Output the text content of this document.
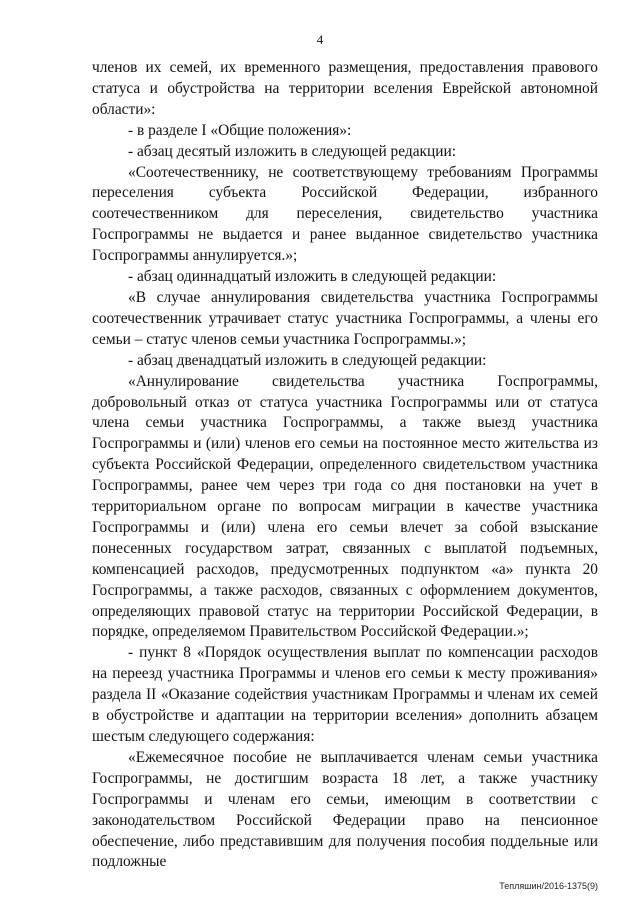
4

членов их семей, их временного размещения, предоставления правового статуса и обустройства на территории вселения Еврейской автономной области»:

- в разделе I «Общие положения»:

- абзац десятый изложить в следующей редакции:

«Соотечественнику, не соответствующему требованиям Программы переселения субъекта Российской Федерации, избранного соотечественником для переселения, свидетельство участника Госпрограммы не выдается и ранее выданное свидетельство участника Госпрограммы аннулируется.»;

- абзац одиннадцатый изложить в следующей редакции:

«В случае аннулирования свидетельства участника Госпрограммы соотечественник утрачивает статус участника Госпрограммы, а члены его семьи – статус членов семьи участника Госпрограммы.»;

- абзац двенадцатый изложить в следующей редакции:

«Аннулирование свидетельства участника Госпрограммы, добровольный отказ от статуса участника Госпрограммы или от статуса члена семьи участника Госпрограммы, а также выезд участника Госпрограммы и (или) членов его семьи на постоянное место жительства из субъекта Российской Федерации, определенного свидетельством участника Госпрограммы, ранее чем через три года со дня постановки на учет в территориальном органе по вопросам миграции в качестве участника Госпрограммы и (или) члена его семьи влечет за собой взыскание понесенных государством затрат, связанных с выплатой подъемных, компенсацией расходов, предусмотренных подпунктом «а» пункта 20 Госпрограммы, а также расходов, связанных с оформлением документов, определяющих правовой статус на территории Российской Федерации, в порядке, определяемом Правительством Российской Федерации.»;

- пункт 8 «Порядок осуществления выплат по компенсации расходов на переезд участника Программы и членов его семьи к месту проживания» раздела II «Оказание содействия участникам Программы и членам их семей в обустройстве и адаптации на территории вселения» дополнить абзацем шестым следующего содержания:

«Ежемесячное пособие не выплачивается членам семьи участника Госпрограммы, не достигшим возраста 18 лет, а также участнику Госпрограммы и членам его семьи, имеющим в соответствии с законодательством Российской Федерации право на пенсионное обеспечение, либо представившим для получения пособия поддельные или подложные

Тепляшин/2016-1375(9)
